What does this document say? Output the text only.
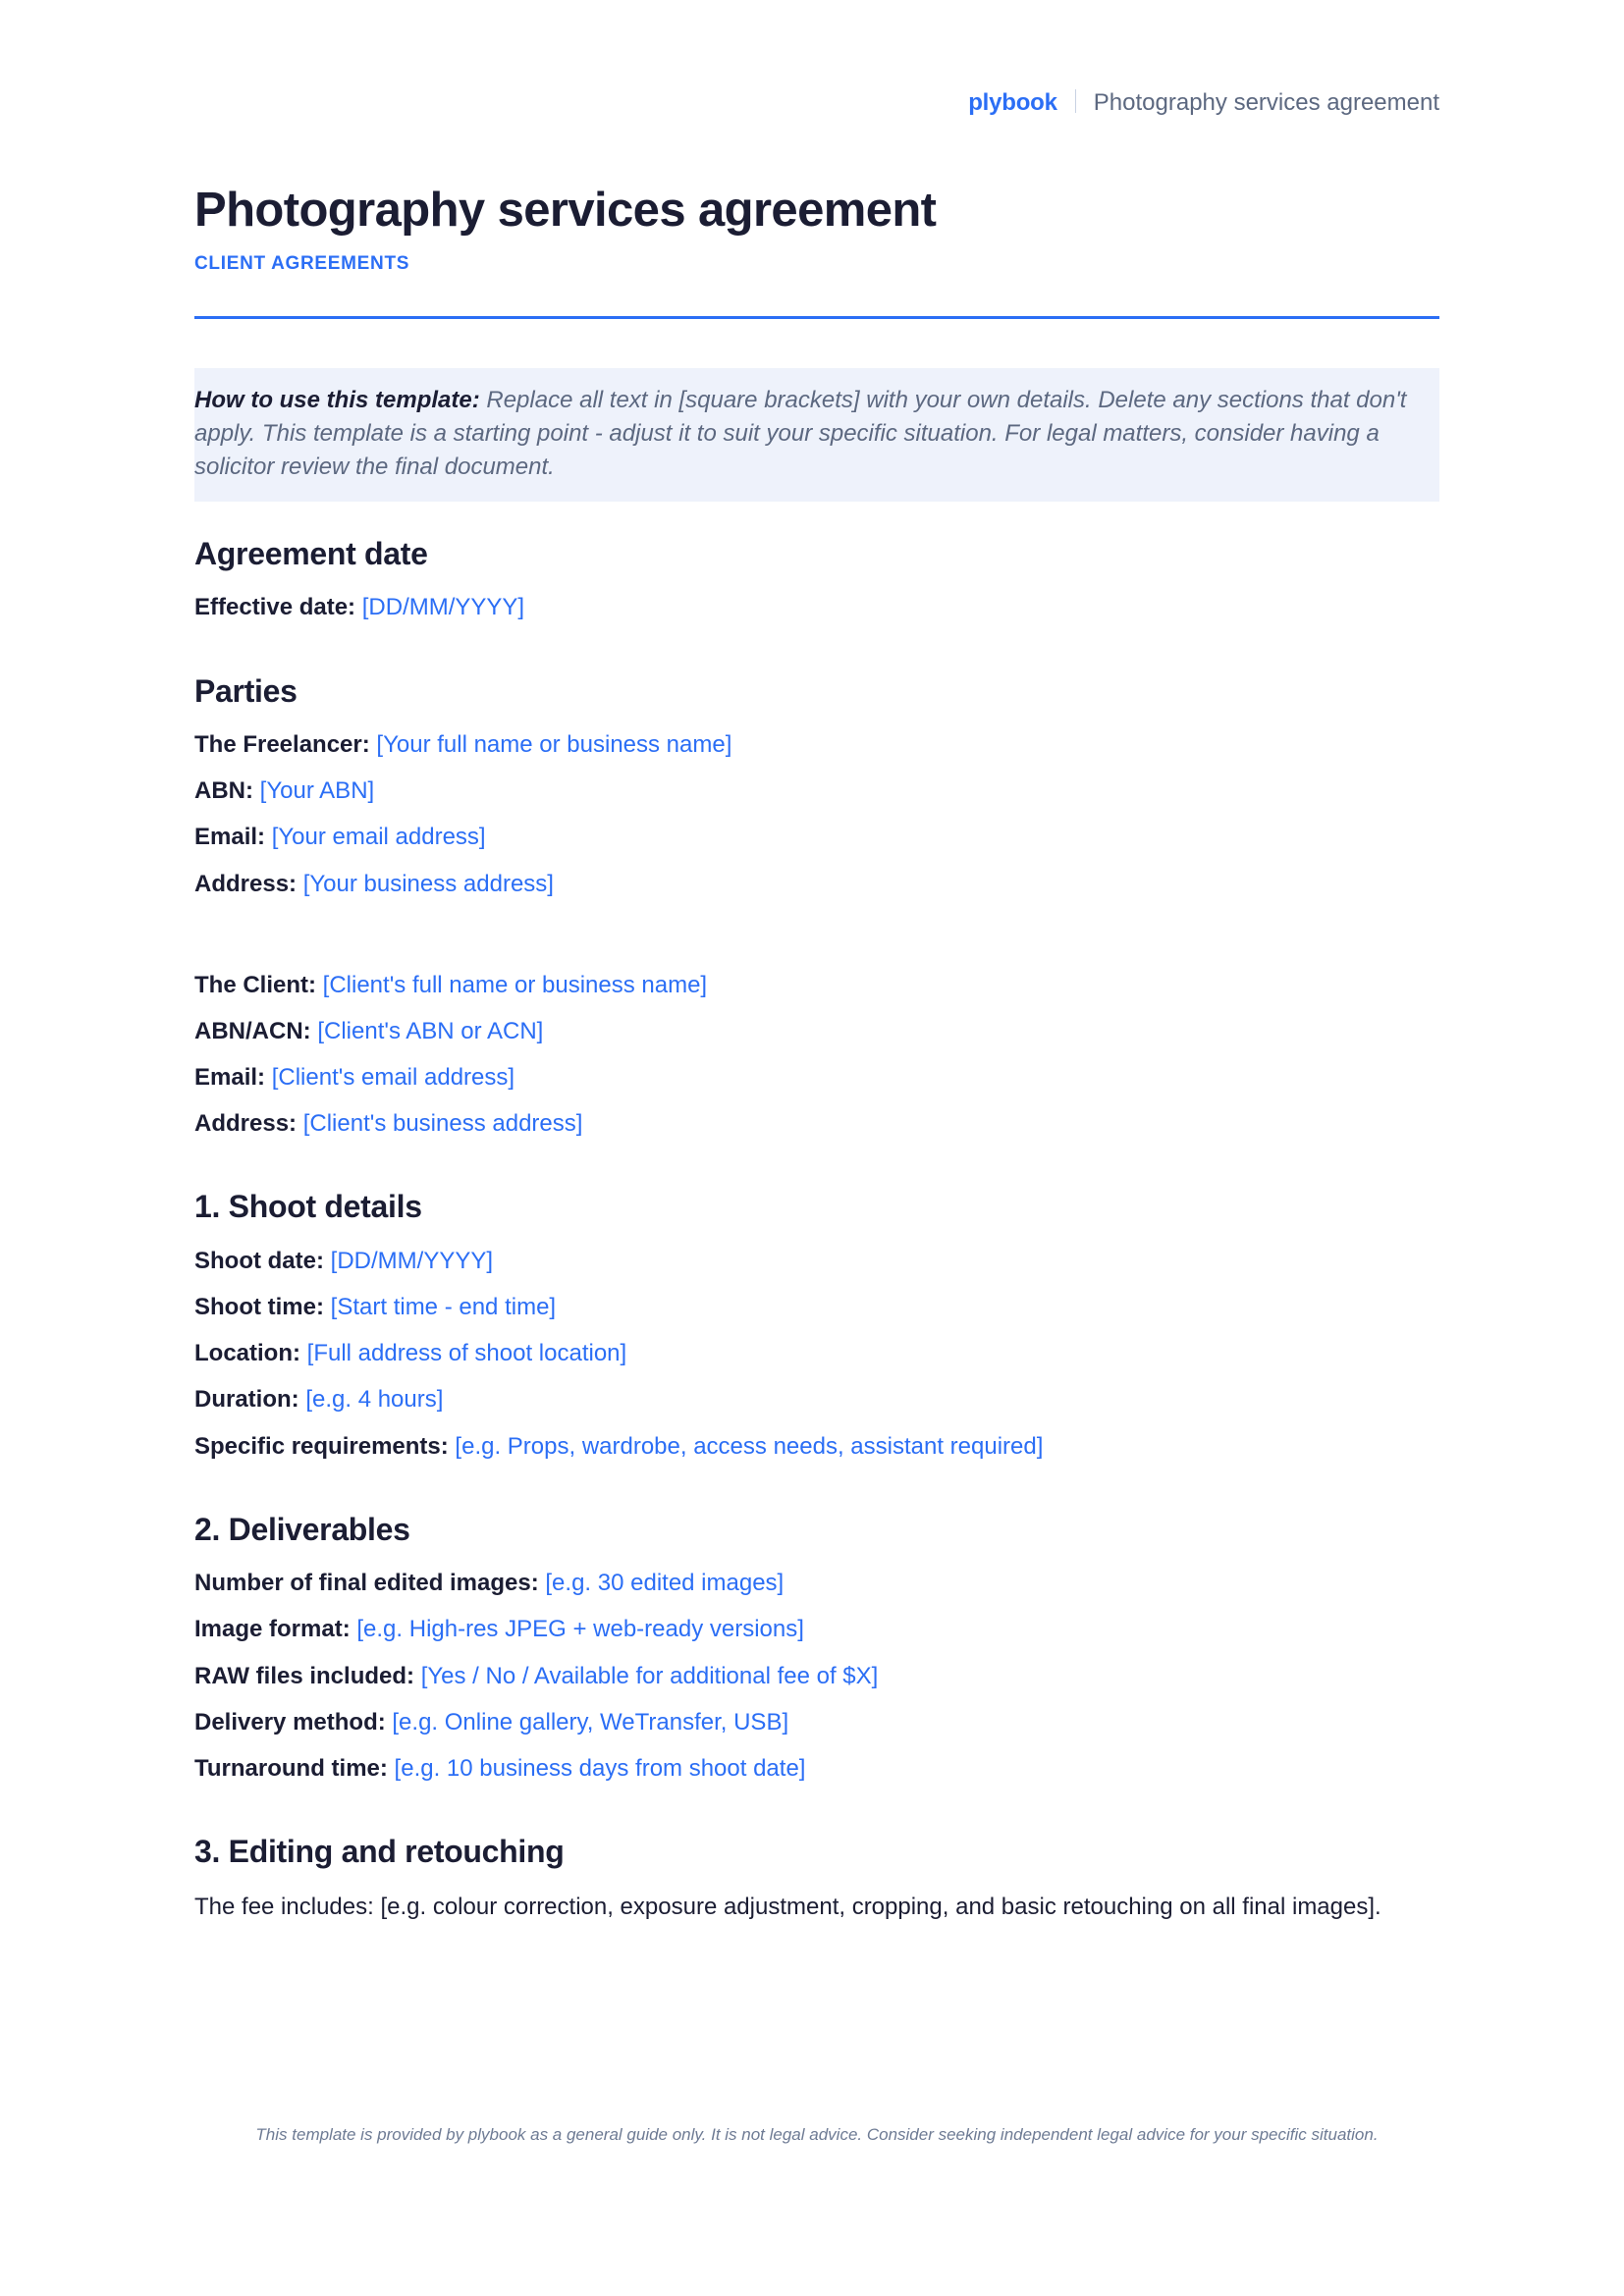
plybook Photography services agreement
Photography services agreement
CLIENT AGREEMENTS

How to use this template: Replace all text in [square brackets] with your own details. Delete any sections that don't apply. This template is a starting point - adjust it to suit your specific situation. For legal matters, consider having a solicitor review the final document.

Agreement date

Effective date: [DD/MM/YYYY]

Parties

The Freelancer: [Your full name or business name]

ABN: [Your ABN]

Email: [Your email address]

Address: [Your business address]

The Client: [Client's full name or business name]

ABN/ACN: [Client's ABN or ACN]

Email: [Client's email address]

Address: [Client's business address]

1. Shoot details

Shoot date: [DD/MM/YYYY]

Shoot time: [Start time - end time]

Location: [Full address of shoot location]

Duration: [e.g. 4 hours]

Specific requirements: [e.g. Props, wardrobe, access needs, assistant required]

2. Deliverables

Number of final edited images: [e.g. 30 edited images]

Image format: [e.g. High-res JPEG + web-ready versions]

RAW files included: [Yes / No / Available for additional fee of $X]

Delivery method: [e.g. Online gallery, WeTransfer, USB]

Turnaround time: [e.g. 10 business days from shoot date]

3. Editing and retouching

The fee includes: [e.g. colour correction, exposure adjustment, cropping, and basic retouching on all final images].

This template is provided by plybook as a general guide only. It is not legal advice. Consider seeking independent legal advice for your specific situation.
